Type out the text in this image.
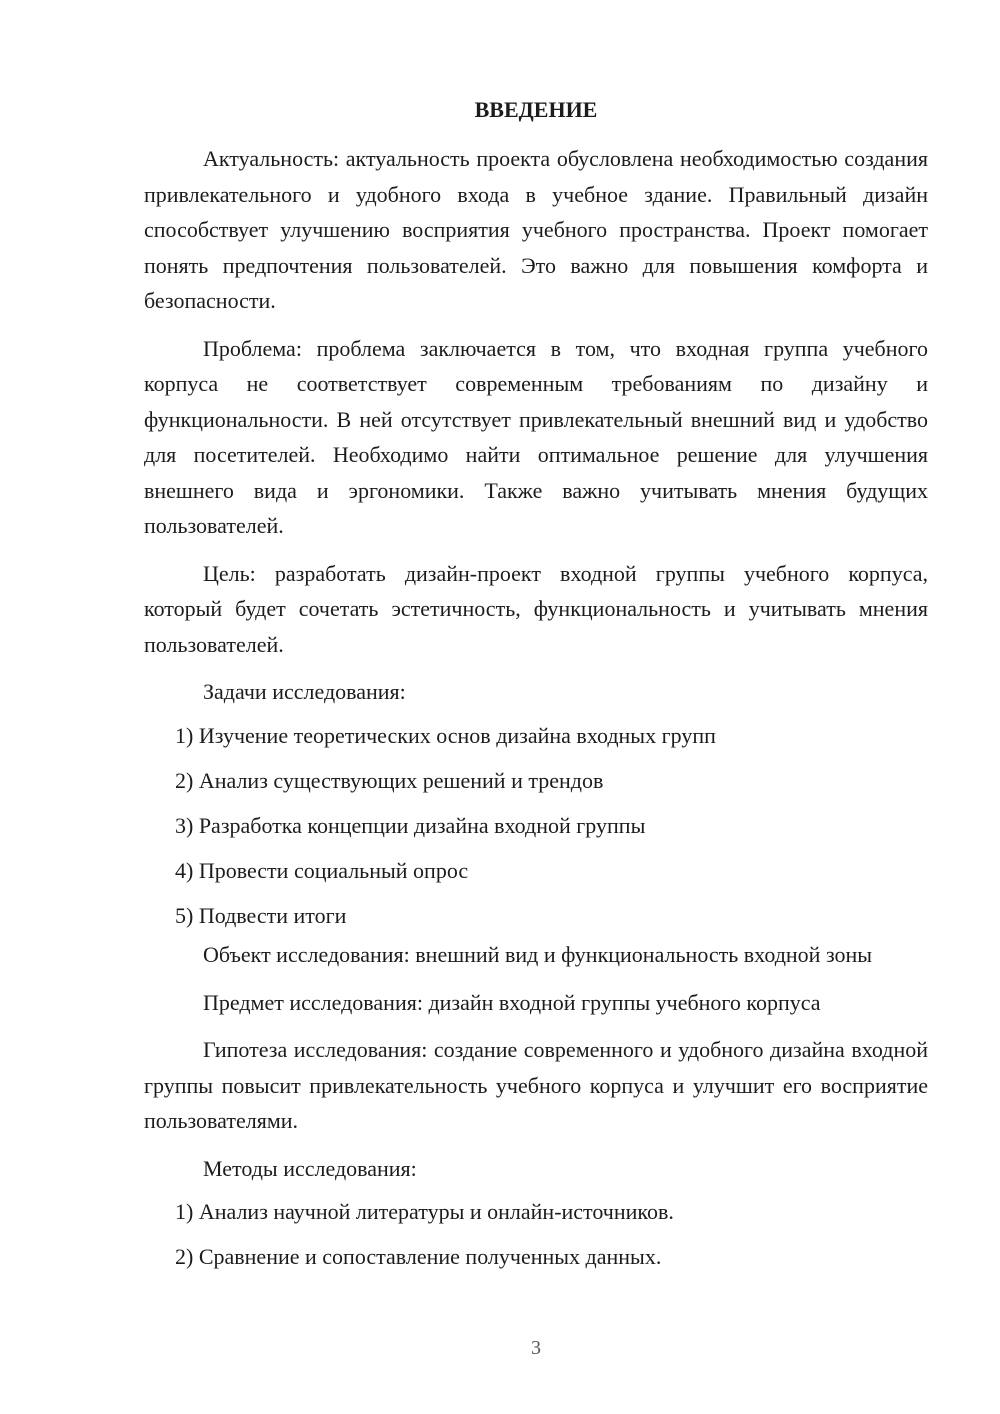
ВВЕДЕНИЕ

Актуальность: актуальность проекта обусловлена необходимостью создания привлекательного и удобного входа в учебное здание. Правильный дизайн способствует улучшению восприятия учебного пространства. Проект помогает понять предпочтения пользователей. Это важно для повышения комфорта и безопасности.

Проблема: проблема заключается в том, что входная группа учебного корпуса не соответствует современным требованиям по дизайну и функциональности. В ней отсутствует привлекательный внешний вид и удобство для посетителей. Необходимо найти оптимальное решение для улучшения внешнего вида и эргономики. Также важно учитывать мнения будущих пользователей.

Цель: разработать дизайн-проект входной группы учебного корпуса, который будет сочетать эстетичность, функциональность и учитывать мнения пользователей.

Задачи исследования:

1) Изучение теоретических основ дизайна входных групп
2) Анализ существующих решений и трендов
3) Разработка концепции дизайна входной группы
4) Провести социальный опрос
5) Подвести итоги

Объект исследования: внешний вид и функциональность входной зоны

Предмет исследования: дизайн входной группы учебного корпуса

Гипотеза исследования: создание современного и удобного дизайна входной группы повысит привлекательность учебного корпуса и улучшит его восприятие пользователями.

Методы исследования:

1) Анализ научной литературы и онлайн-источников.
2) Сравнение и сопоставление полученных данных.
3
